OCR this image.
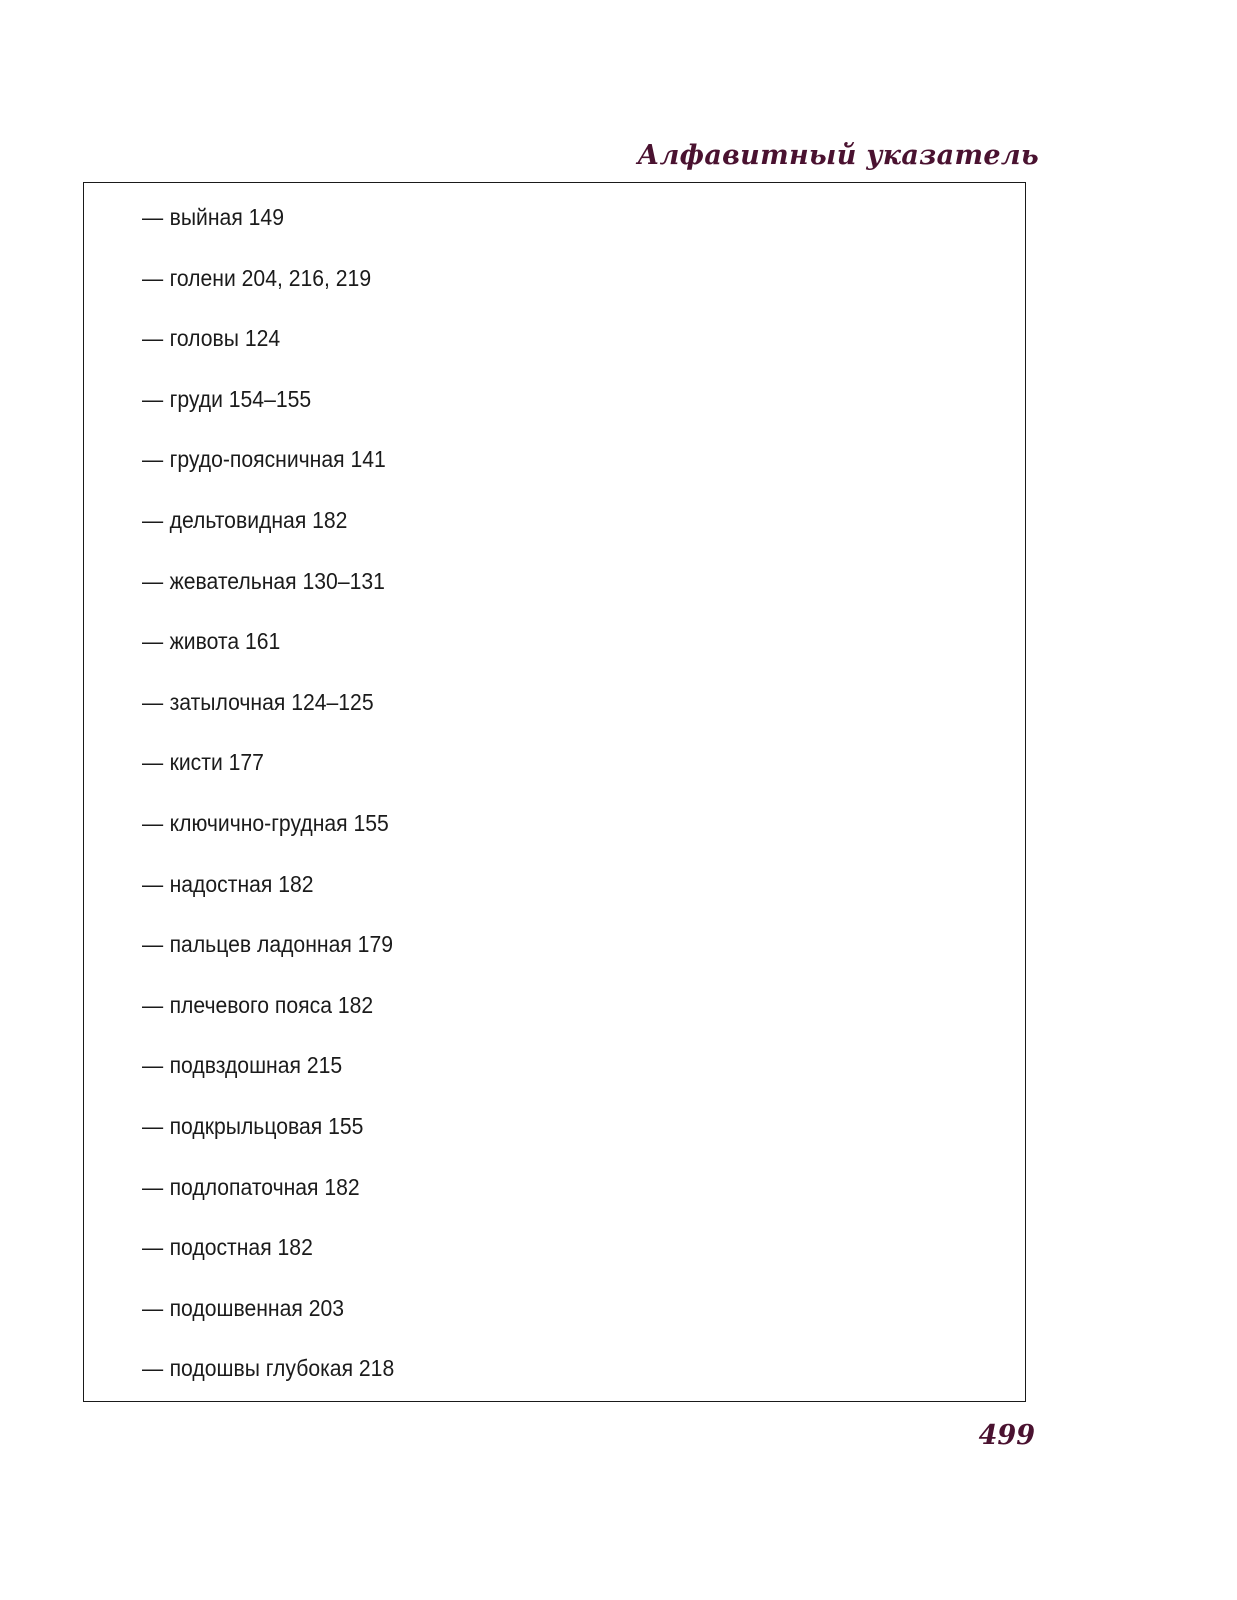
Алфавитный указатель
— выйная 149
— голени 204, 216, 219
— головы 124
— груди 154–155
— грудо-поясничная 141
— дельтовидная 182
— жевательная 130–131
— живота 161
— затылочная 124–125
— кисти 177
— ключично-грудная 155
— надостная 182
— пальцев ладонная 179
— плечевого пояса 182
— подвздошная 215
— подкрыльцовая 155
— подлопаточная 182
— подостная 182
— подошвенная 203
— подошвы глубокая 218
499
